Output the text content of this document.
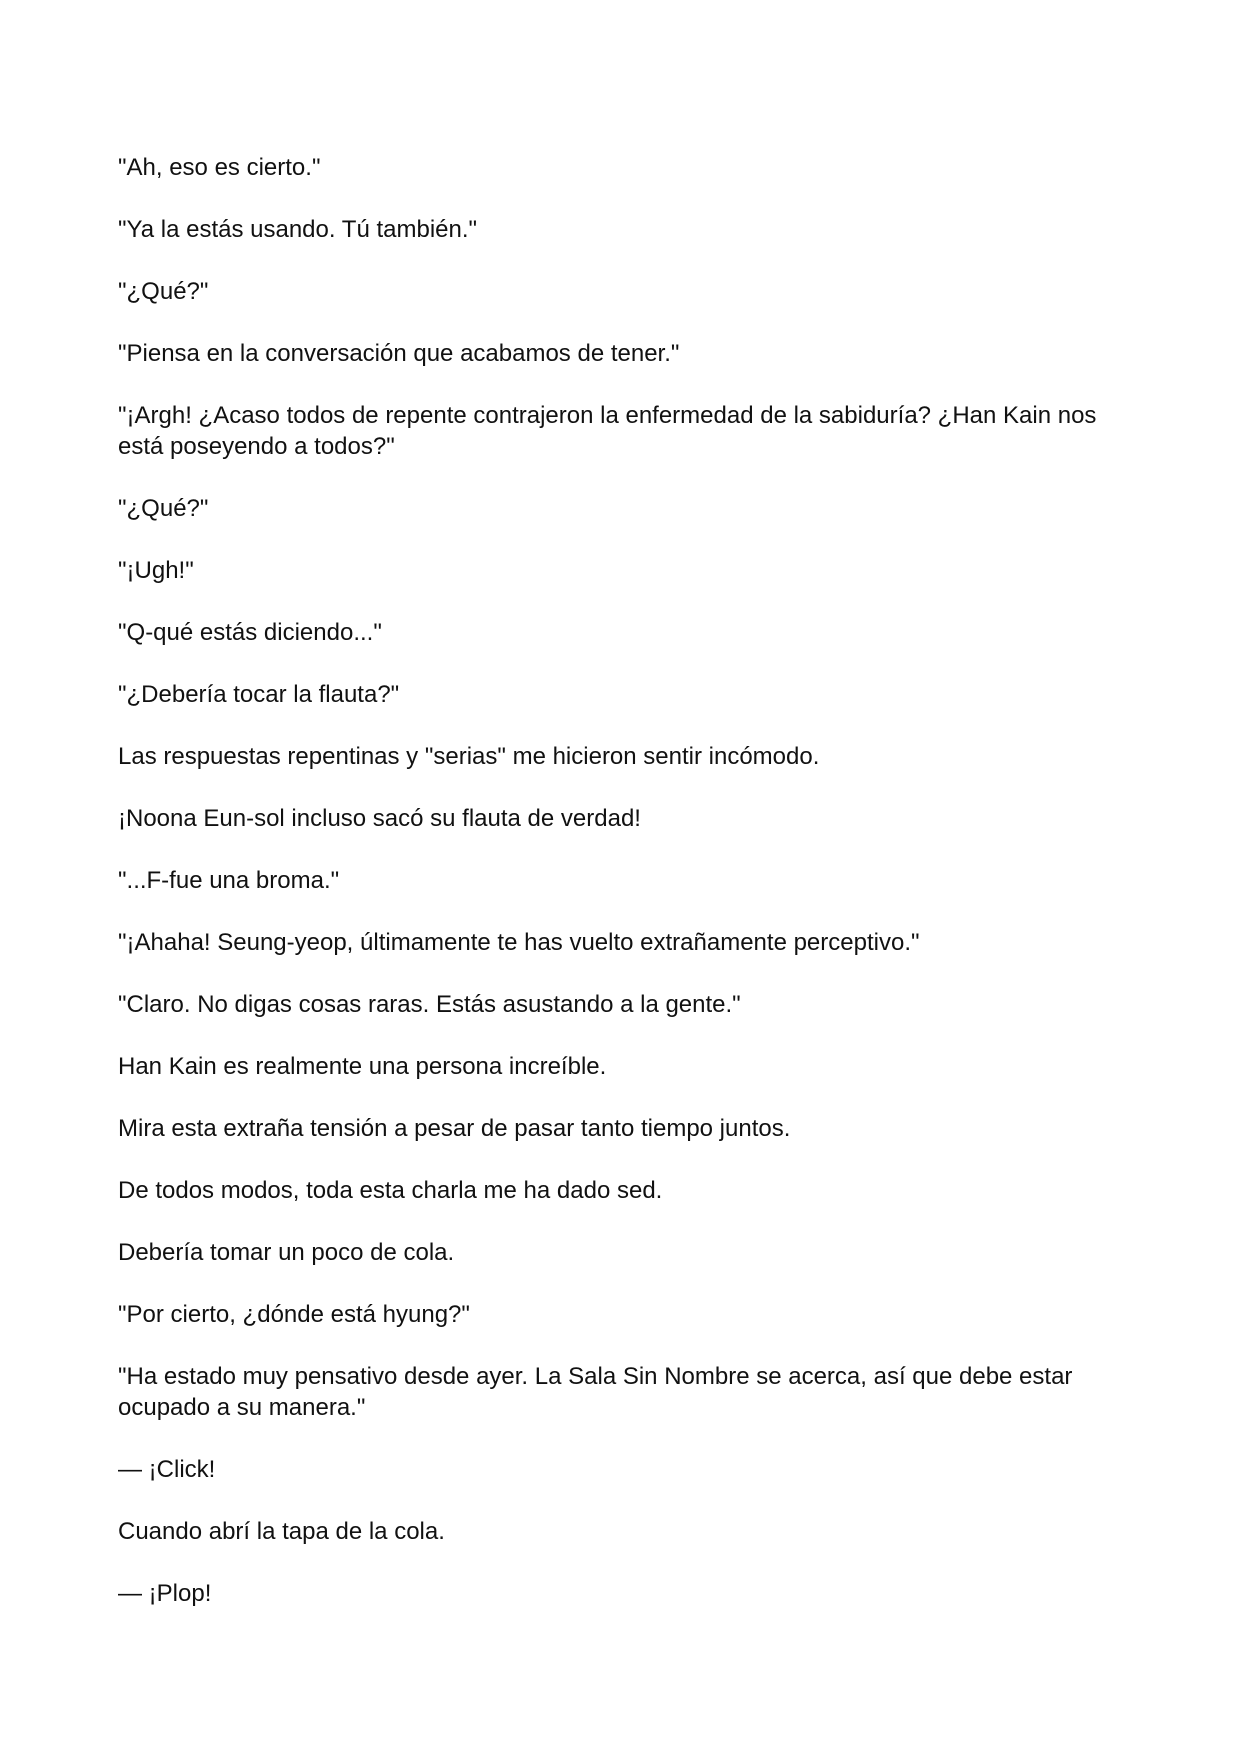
"Ah, eso es cierto."

"Ya la estás usando. Tú también."

"¿Qué?"

"Piensa en la conversación que acabamos de tener."

"¡Argh! ¿Acaso todos de repente contrajeron la enfermedad de la sabiduría? ¿Han Kain nos está poseyendo a todos?"

"¿Qué?"

"¡Ugh!"

"Q-qué estás diciendo..."

"¿Debería tocar la flauta?"

Las respuestas repentinas y "serias" me hicieron sentir incómodo.

¡Noona Eun-sol incluso sacó su flauta de verdad!

"...F-fue una broma."

"¡Ahaha! Seung-yeop, últimamente te has vuelto extrañamente perceptivo."

"Claro. No digas cosas raras. Estás asustando a la gente."

Han Kain es realmente una persona increíble.

Mira esta extraña tensión a pesar de pasar tanto tiempo juntos.

De todos modos, toda esta charla me ha dado sed.

Debería tomar un poco de cola.

"Por cierto, ¿dónde está hyung?"

"Ha estado muy pensativo desde ayer. La Sala Sin Nombre se acerca, así que debe estar ocupado a su manera."

— ¡Click!

Cuando abrí la tapa de la cola.

— ¡Plop!
